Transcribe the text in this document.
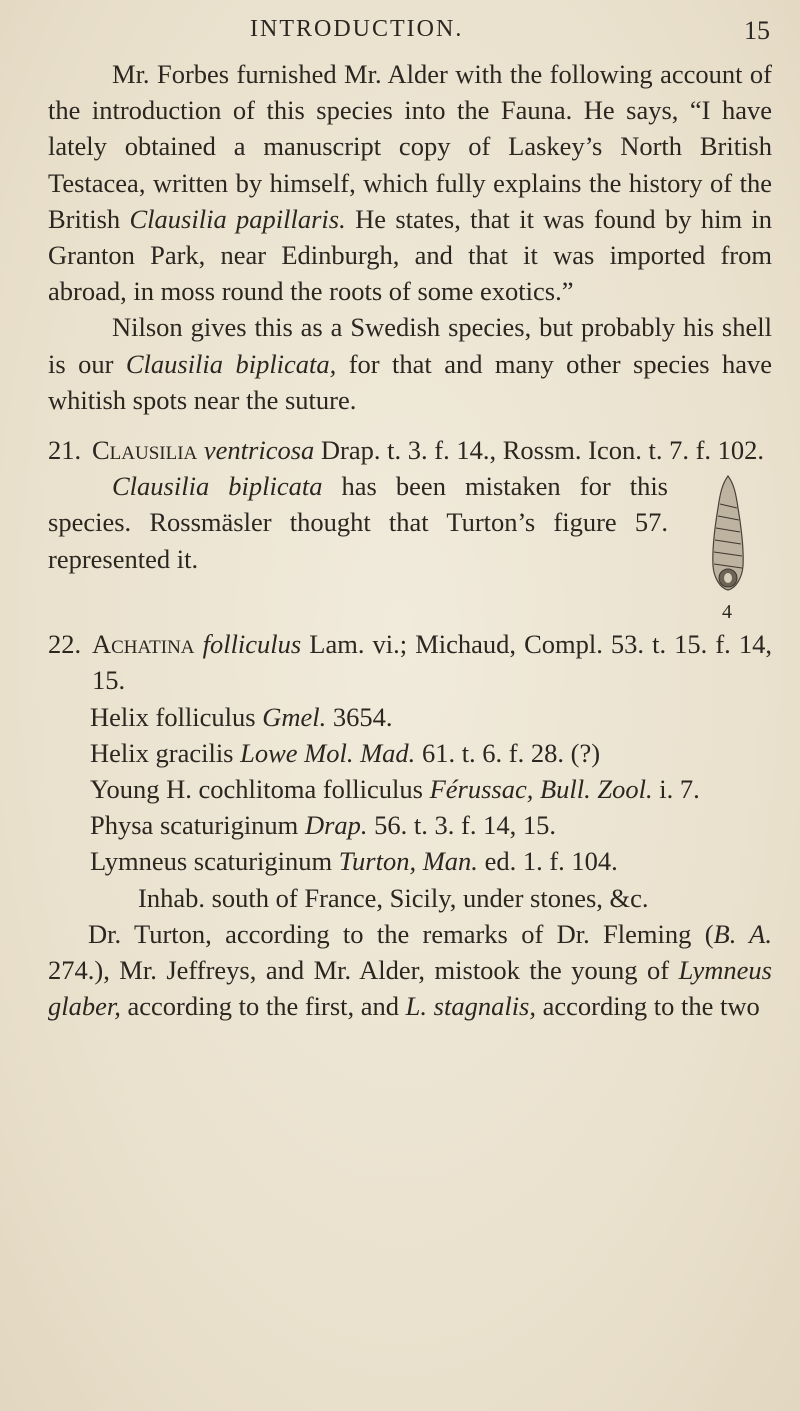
INTRODUCTION.	15

Mr. Forbes furnished Mr. Alder with the following account of the introduction of this species into the Fauna. He says, “I have lately obtained a manuscript copy of Laskey’s North British Testacea, written by himself, which fully explains the history of the British Clausilia papillaris. He states, that it was found by him in Granton Park, near Edinburgh, and that it was imported from abroad, in moss round the roots of some exotics.”

Nilson gives this as a Swedish species, but probably his shell is our Clausilia biplicata, for that and many other species have whitish spots near the suture.

21. Clausilia ventricosa Drap. t. 3. f. 14., Rossm. Icon. t. 7. f. 102.

4

Clausilia biplicata has been mistaken for this species. Rossmäsler thought that Turton’s figure 57. represented it.

22. Achatina folliculus Lam. vi.; Michaud, Compl. 53. t. 15. f. 14, 15.

Helix folliculus Gmel. 3654.

Helix gracilis Lowe Mol. Mad. 61. t. 6. f. 28. (?)

Young H. cochlitoma folliculus Férussac, Bull. Zool. i. 7.

Physa scaturiginum Drap. 56. t. 3. f. 14, 15.

Lymneus scaturiginum Turton, Man. ed. 1. f. 104.

Inhab. south of France, Sicily, under stones, &c.

Dr. Turton, according to the remarks of Dr. Fleming (B. A. 274.), Mr. Jeffreys, and Mr. Alder, mistook the young of Lymneus glaber, according to the first, and L. stagnalis, according to the two
